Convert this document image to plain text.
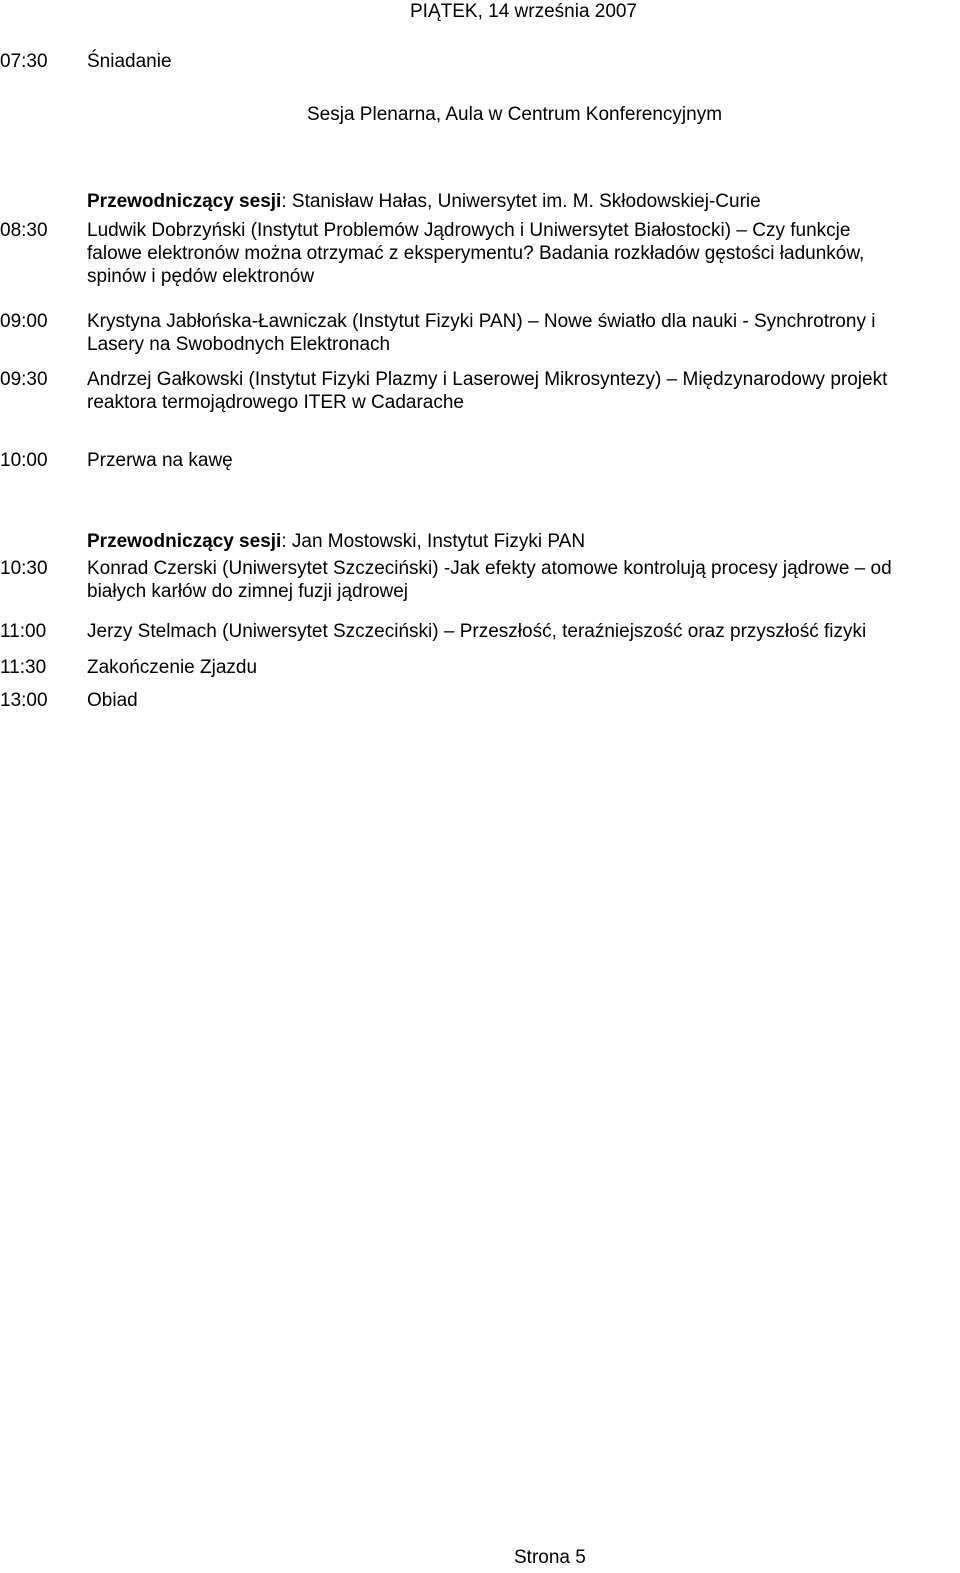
PIĄTEK, 14 września 2007
07:30	Śniadanie
Sesja Plenarna, Aula w Centrum Konferencyjnym
Przewodniczący sesji: Stanisław Hałas, Uniwersytet im. M. Skłodowskiej-Curie
08:30	Ludwik Dobrzyński (Instytut Problemów Jądrowych i Uniwersytet Białostocki) – Czy funkcje
falowe elektronów można otrzymać z eksperymentu? Badania rozkładów gęstości ładunków,
spinów i pędów elektronów
09:00	Krystyna Jabłońska-Ławniczak (Instytut Fizyki PAN) – Nowe światło dla nauki - Synchrotrony i
Lasery na Swobodnych Elektronach
09:30	Andrzej Gałkowski (Instytut Fizyki Plazmy i Laserowej Mikrosyntezy) – Międzynarodowy projekt
reaktora termojądrowego ITER w Cadarache
10:00	Przerwa na kawę
Przewodniczący sesji: Jan Mostowski, Instytut Fizyki PAN
10:30	Konrad Czerski (Uniwersytet Szczeciński) -Jak efekty atomowe kontrolują procesy jądrowe – od
białych karłów do zimnej fuzji jądrowej
11:00	Jerzy Stelmach (Uniwersytet Szczeciński) – Przeszłość, teraźniejszość oraz przyszłość fizyki
11:30	Zakończenie Zjazdu
13:00	Obiad
Strona 5
